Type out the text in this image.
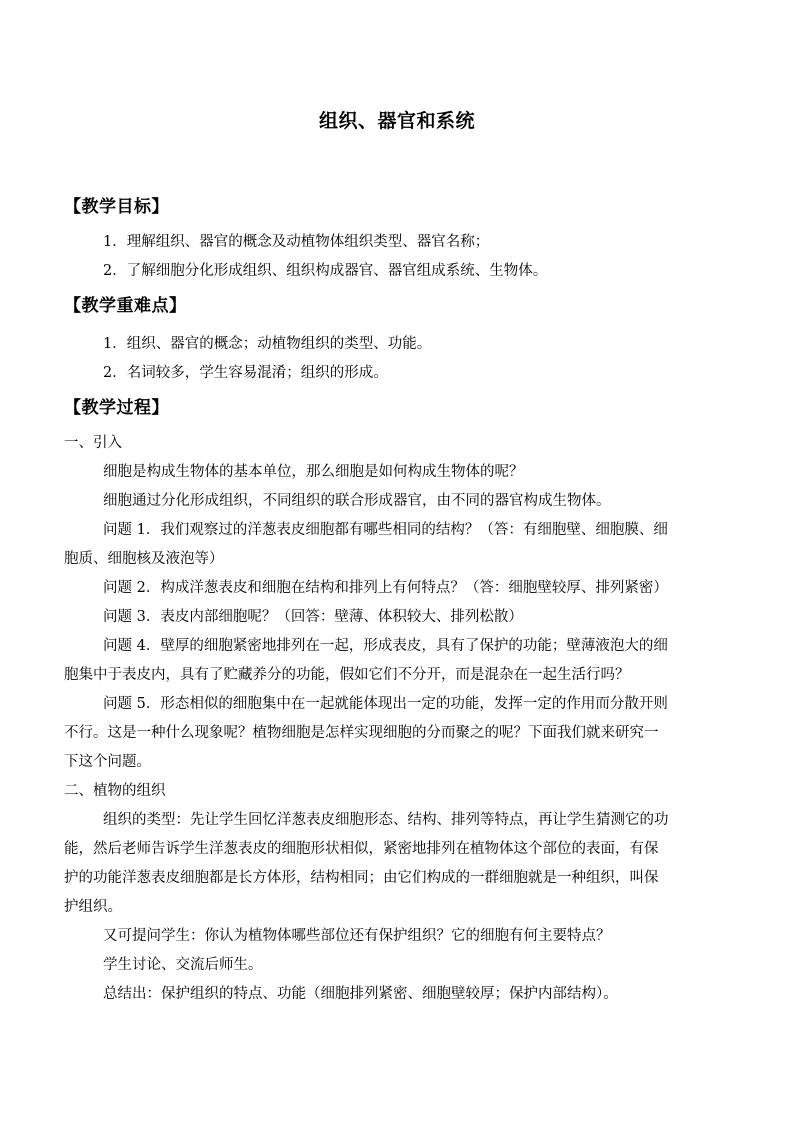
组织、器官和系统
【教学目标】
1．理解组织、器官的概念及动植物体组织类型、器官名称；
2．了解细胞分化形成组织、组织构成器官、器官组成系统、生物体。
【教学重难点】
1．组织、器官的概念；动植物组织的类型、功能。
2．名词较多，学生容易混淆；组织的形成。
【教学过程】
一、引入
细胞是构成生物体的基本单位，那么细胞是如何构成生物体的呢？
细胞通过分化形成组织，不同组织的联合形成器官，由不同的器官构成生物体。
问题 1．我们观察过的洋葱表皮细胞都有哪些相同的结构？（答：有细胞壁、细胞膜、细
胞质、细胞核及液泡等）
问题 2．构成洋葱表皮和细胞在结构和排列上有何特点？（答：细胞壁较厚、排列紧密）
问题 3．表皮内部细胞呢？（回答：壁薄、体积较大、排列松散）
问题 4．壁厚的细胞紧密地排列在一起，形成表皮，具有了保护的功能；壁薄液泡大的细
胞集中于表皮内，具有了贮藏养分的功能，假如它们不分开，而是混杂在一起生活行吗？
问题 5．形态相似的细胞集中在一起就能体现出一定的功能，发挥一定的作用而分散开则
不行。这是一种什么现象呢？植物细胞是怎样实现细胞的分而聚之的呢？下面我们就来研究一
下这个问题。
二、植物的组织
组织的类型：先让学生回忆洋葱表皮细胞形态、结构、排列等特点，再让学生猜测它的功
能，然后老师告诉学生洋葱表皮的细胞形状相似，紧密地排列在植物体这个部位的表面，有保
护的功能洋葱表皮细胞都是长方体形，结构相同；由它们构成的一群细胞就是一种组织，叫保
护组织。
又可提问学生：你认为植物体哪些部位还有保护组织？它的细胞有何主要特点？
学生讨论、交流后师生。
总结出：保护组织的特点、功能（细胞排列紧密、细胞壁较厚；保护内部结构）。
